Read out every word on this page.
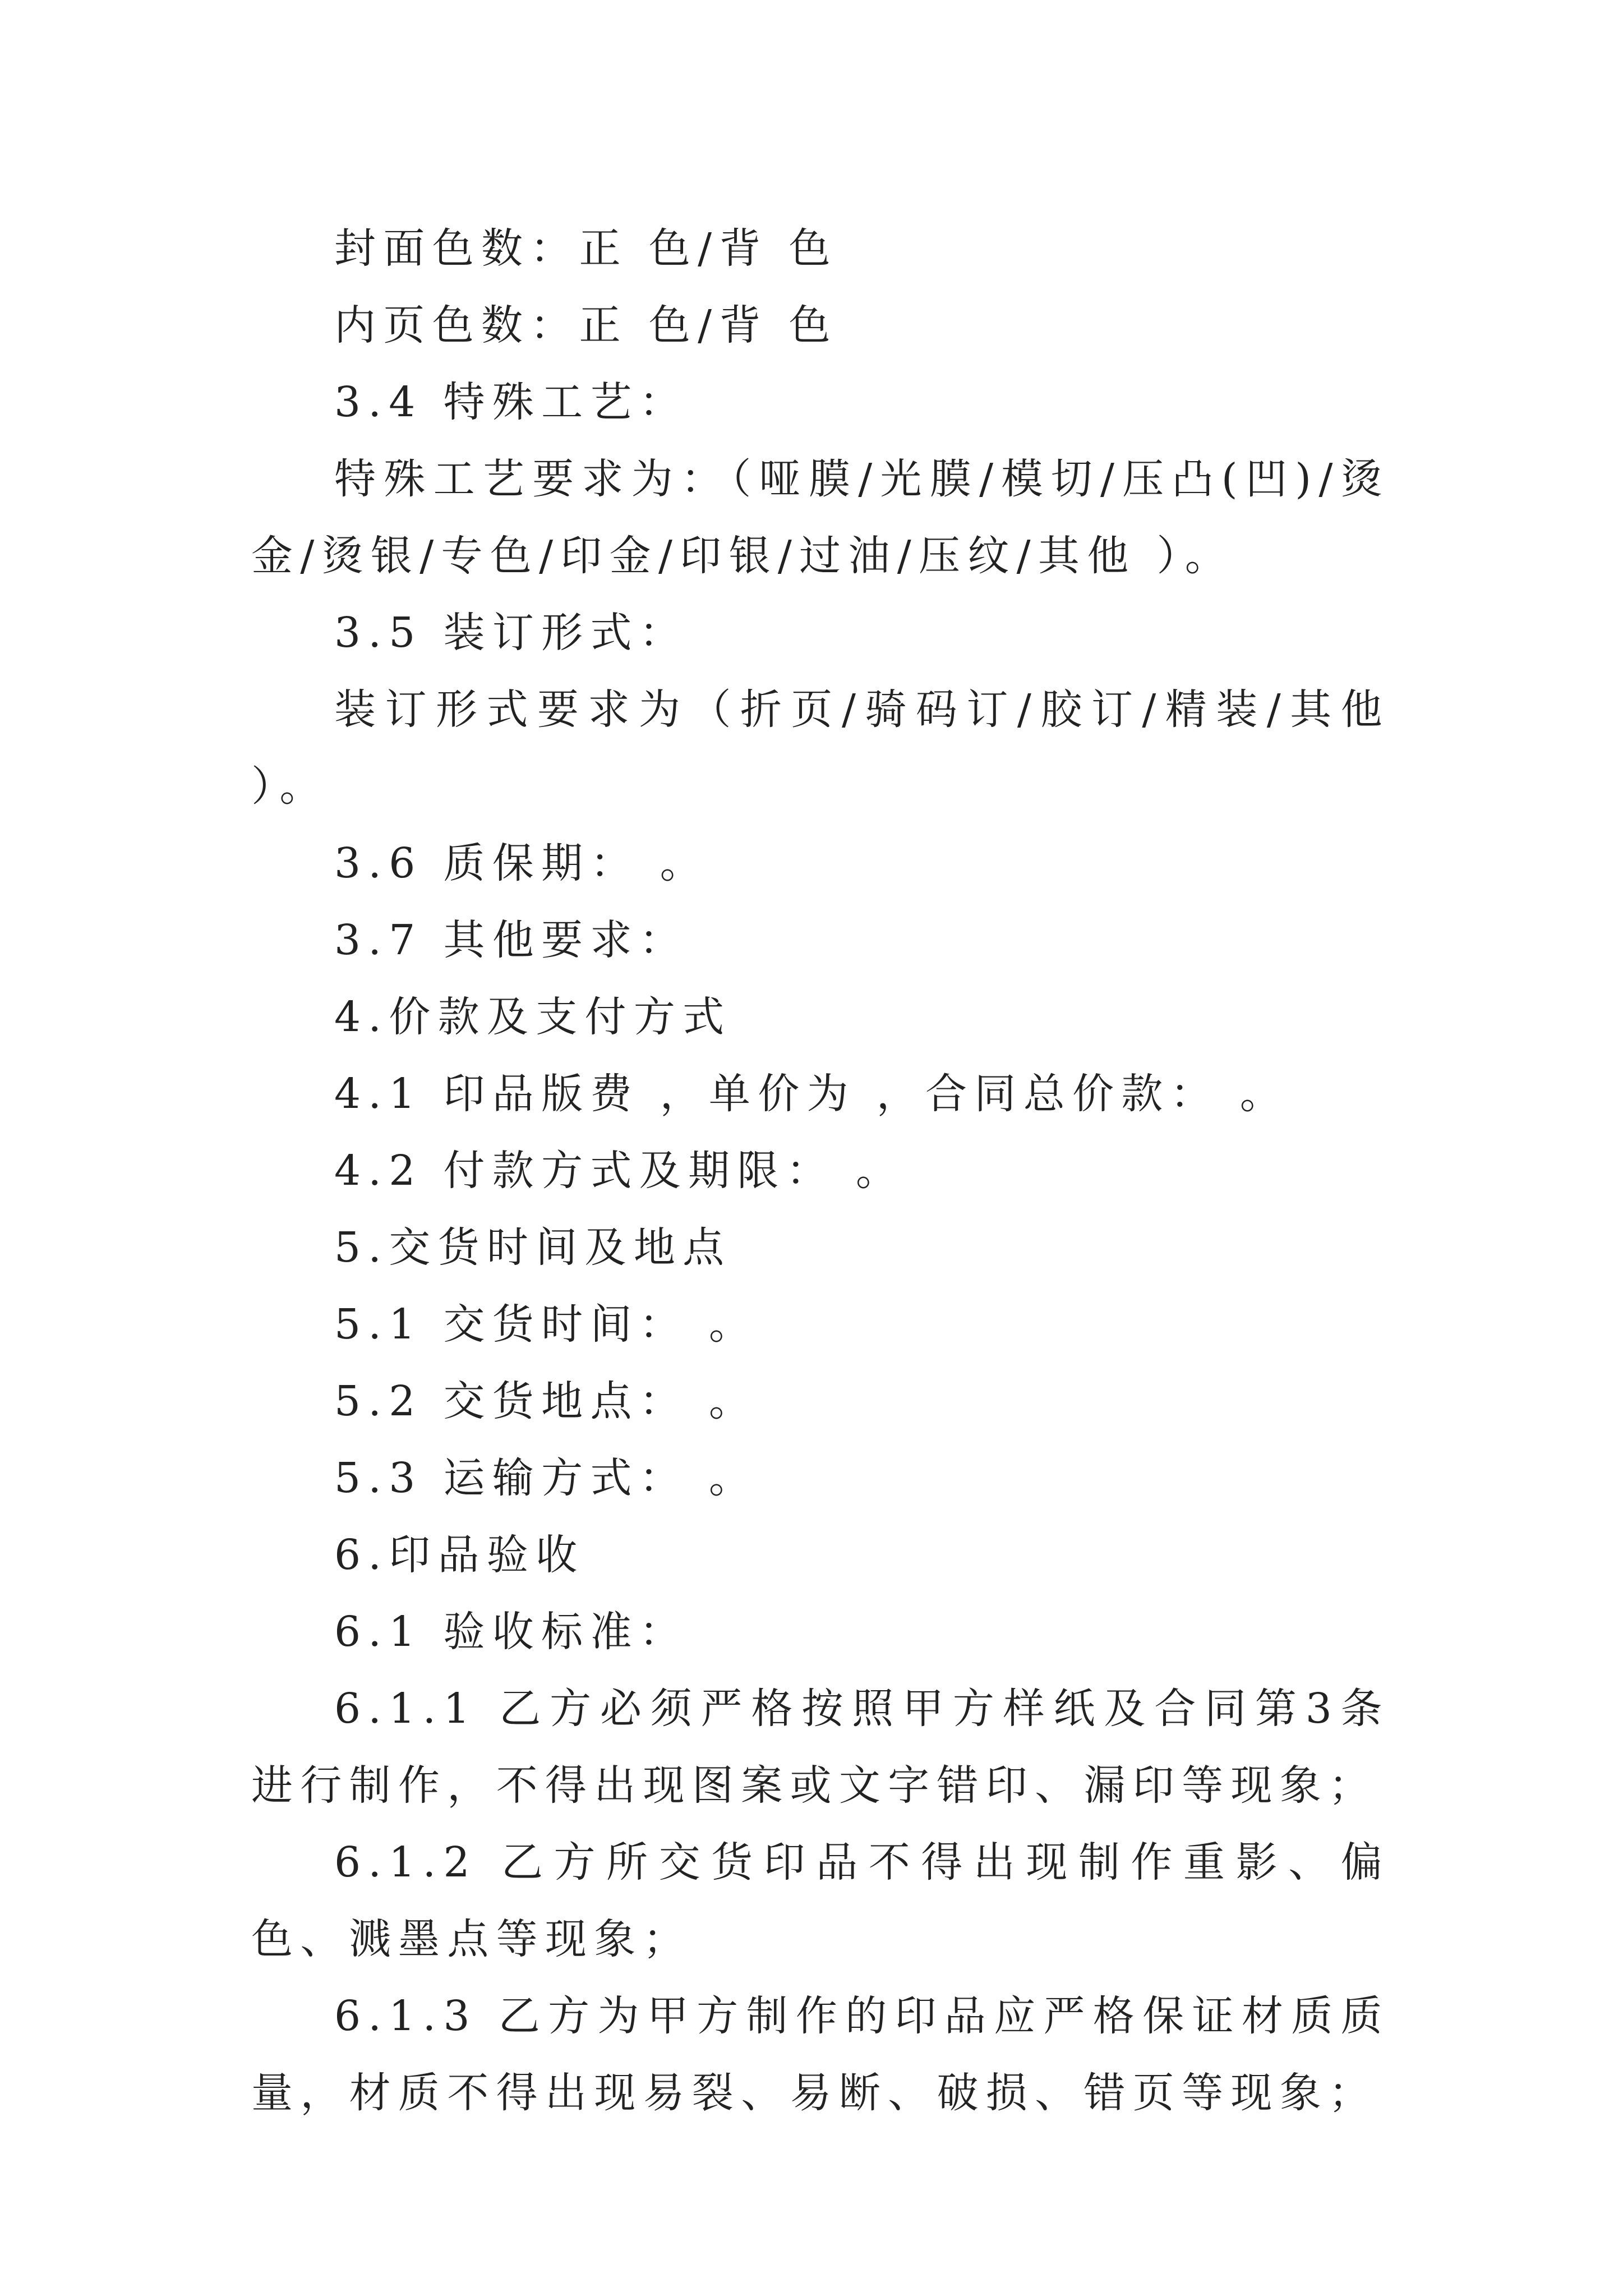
封面色数：正 色/背 色

内页色数：正 色/背 色

3.4 特殊工艺：

特殊工艺要求为：（哑膜/光膜/模切/压凸(凹)/烫金/烫银/专色/印金/印银/过油/压纹/其他 ）。

3.5 装订形式：

装订形式要求为（折页/骑码订/胶订/精装/其他 ）。

3.6 质保期： 。

3.7 其他要求：

4.价款及支付方式

4.1 印品版费 ，单价为 ，合同总价款： 。

4.2 付款方式及期限： 。

5.交货时间及地点

5.1 交货时间： 。

5.2 交货地点： 。

5.3 运输方式： 。

6.印品验收

6.1 验收标准：

6.1.1 乙方必须严格按照甲方样纸及合同第3条进行制作，不得出现图案或文字错印、漏印等现象；

6.1.2 乙方所交货印品不得出现制作重影、偏色、溅墨点等现象；

6.1.3 乙方为甲方制作的印品应严格保证材质质量，材质不得出现易裂、易断、破损、错页等现象；
